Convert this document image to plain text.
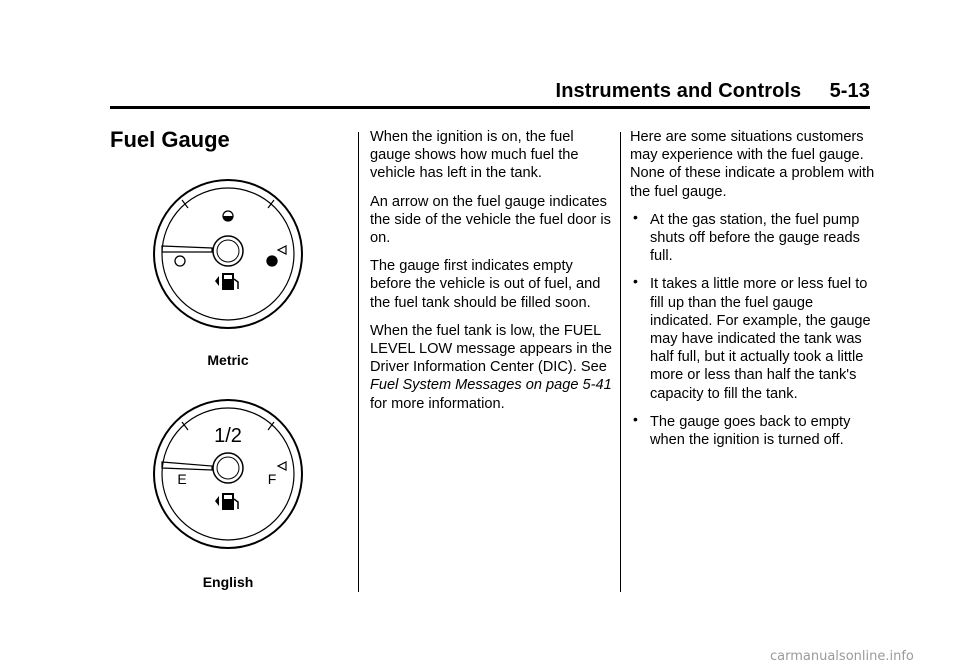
Instruments and Controls     5-13
Fuel Gauge
Metric
1/2
E	F
English

When the ignition is on, the fuel gauge shows how much fuel the vehicle has left in the tank.

An arrow on the fuel gauge indicates the side of the vehicle the fuel door is on.

The gauge first indicates empty before the vehicle is out of fuel, and the fuel tank should be filled soon.

When the fuel tank is low, the FUEL LEVEL LOW message appears in the Driver Information Center (DIC). See Fuel System Messages on page 5-41 for more information.

Here are some situations customers may experience with the fuel gauge. None of these indicate a problem with the fuel gauge.

• At the gas station, the fuel pump shuts off before the gauge reads full.
• It takes a little more or less fuel to fill up than the fuel gauge indicated. For example, the gauge may have indicated the tank was half full, but it actually took a little more or less than half the tank's capacity to fill the tank.
• The gauge goes back to empty when the ignition is turned off.
carmanualsonline.info
